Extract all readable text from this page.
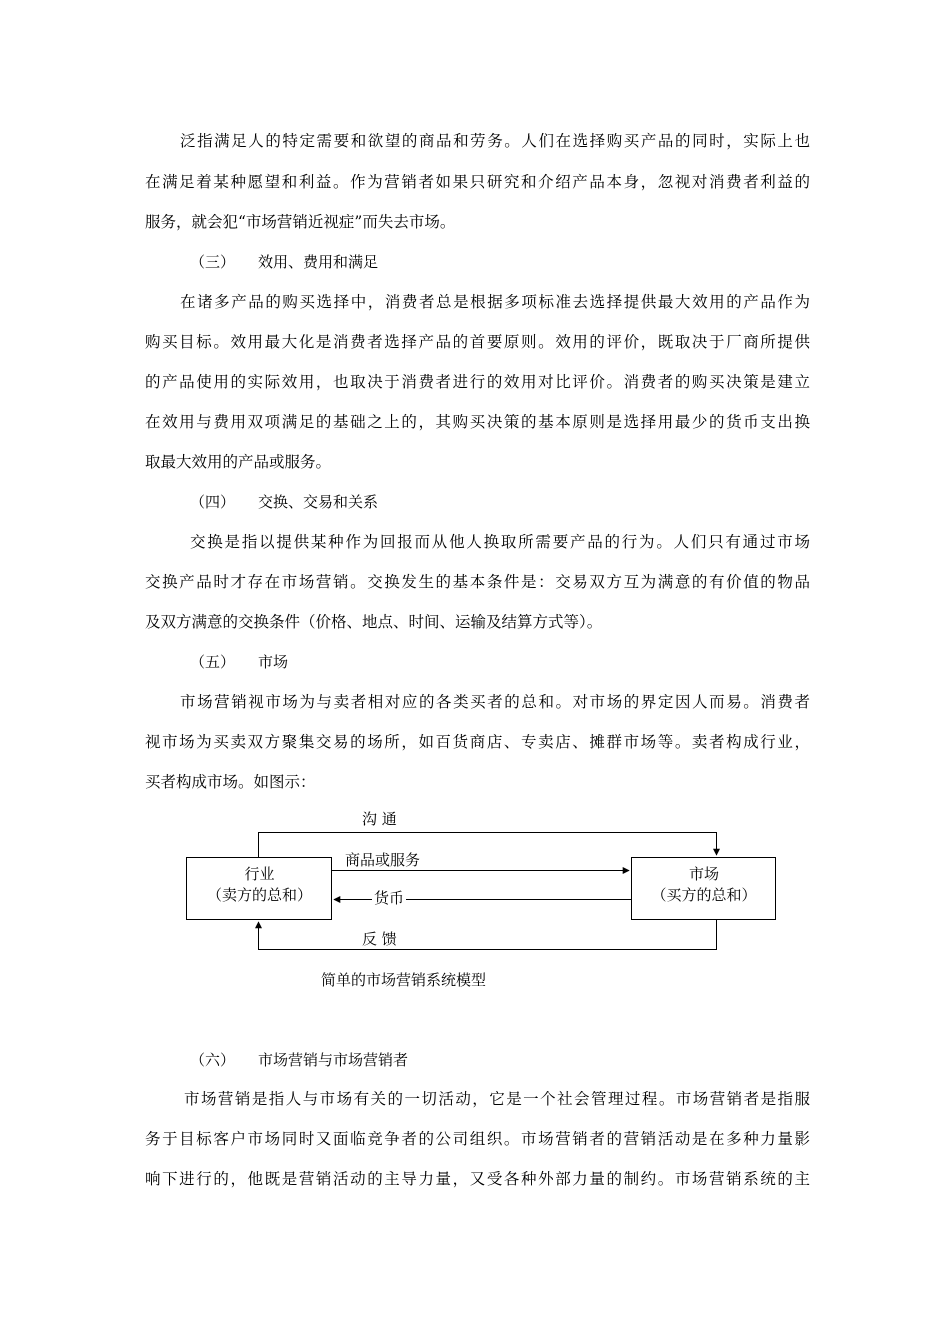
泛指满足人的特定需要和欲望的商品和劳务。人们在选择购买产品的同时，实际上也
在满足着某种愿望和利益。作为营销者如果只研究和介绍产品本身，忽视对消费者利益的
服务，就会犯“市场营销近视症”而失去市场。
（三） 效用、费用和满足
在诸多产品的购买选择中，消费者总是根据多项标准去选择提供最大效用的产品作为
购买目标。效用最大化是消费者选择产品的首要原则。效用的评价，既取决于厂商所提供
的产品使用的实际效用，也取决于消费者进行的效用对比评价。消费者的购买决策是建立
在效用与费用双项满足的基础之上的，其购买决策的基本原则是选择用最少的货币支出换
取最大效用的产品或服务。
（四） 交换、交易和关系
交换是指以提供某种作为回报而从他人换取所需要产品的行为。人们只有通过市场
交换产品时才存在市场营销。交换发生的基本条件是：交易双方互为满意的有价值的物品
及双方满意的交换条件（价格、地点、时间、运输及结算方式等）。
（五） 市场
市场营销视市场为与卖者相对应的各类买者的总和。对市场的界定因人而易。消费者
视市场为买卖双方聚集交易的场所，如百货商店、专卖店、摊群市场等。卖者构成行业，
买者构成市场。如图示：
沟 通
商品或服务
货币
反 馈
行业
（卖方的总和）
市场
（买方的总和）
简单的市场营销系统模型
（六） 市场营销与市场营销者
市场营销是指人与市场有关的一切活动，它是一个社会管理过程。市场营销者是指服
务于目标客户市场同时又面临竞争者的公司组织。市场营销者的营销活动是在多种力量影
响下进行的，他既是营销活动的主导力量，又受各种外部力量的制约。市场营销系统的主
